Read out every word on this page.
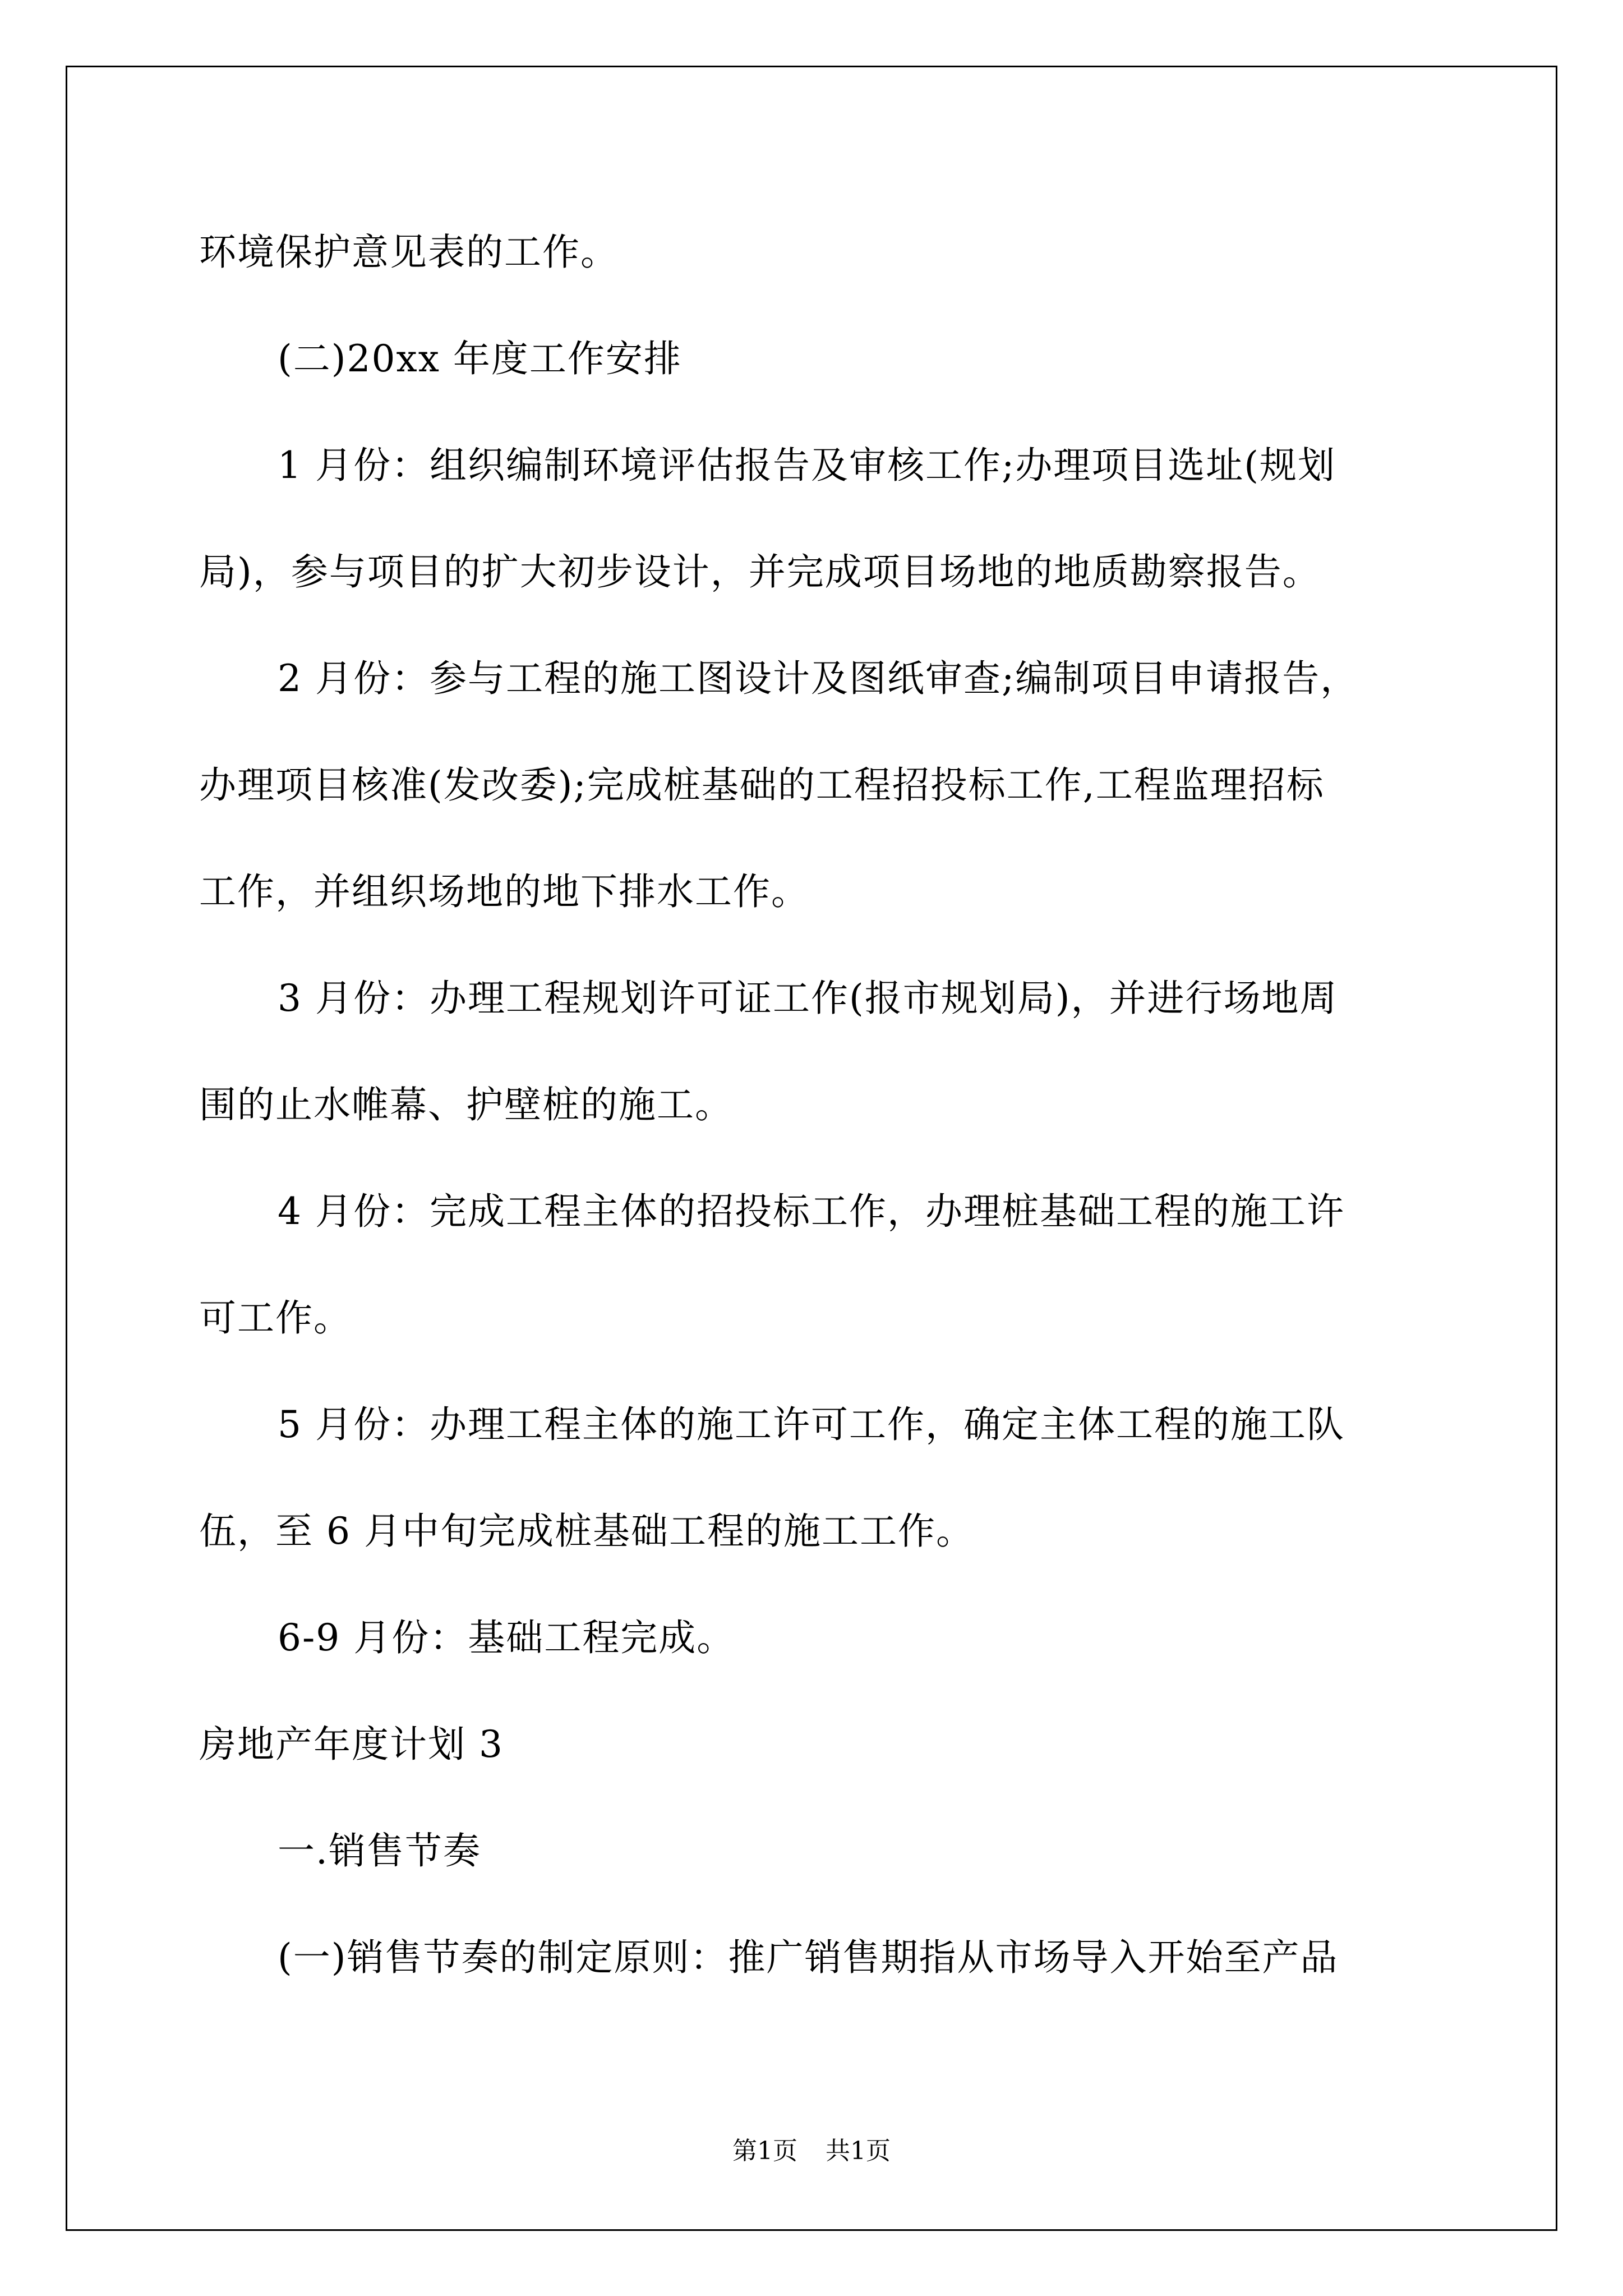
环境保护意见表的工作。
(二)20xx 年度工作安排
1 月份：组织编制环境评估报告及审核工作;办理项目选址(规划
局)，参与项目的扩大初步设计，并完成项目场地的地质勘察报告。
2 月份：参与工程的施工图设计及图纸审查;编制项目申请报告，
办理项目核准(发改委);完成桩基础的工程招投标工作,工程监理招标
工作，并组织场地的地下排水工作。
3 月份：办理工程规划许可证工作(报市规划局)，并进行场地周
围的止水帷幕、护壁桩的施工。
4 月份：完成工程主体的招投标工作，办理桩基础工程的施工许
可工作。
5 月份：办理工程主体的施工许可工作，确定主体工程的施工队
伍，至 6 月中旬完成桩基础工程的施工工作。
6-9 月份：基础工程完成。
房地产年度计划 3
一.销售节奏
(一)销售节奏的制定原则：推广销售期指从市场导入开始至产品
第1页 共1页
